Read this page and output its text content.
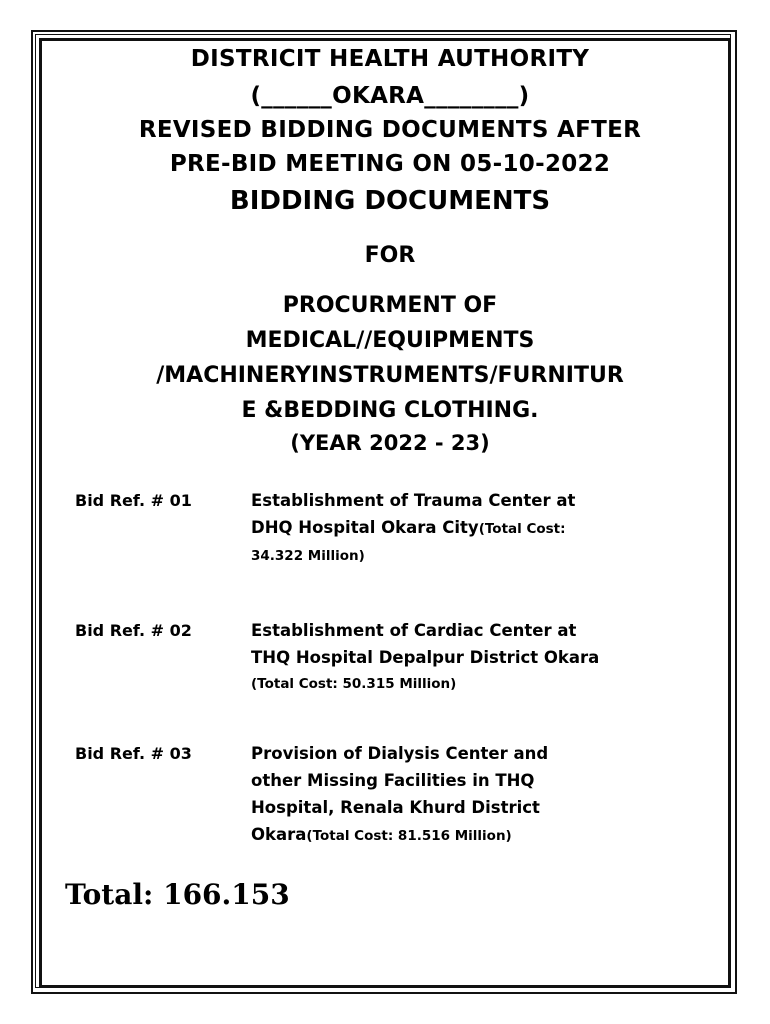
DISTRICIT HEALTH AUTHORITY
(______OKARA________)
REVISED BIDDING DOCUMENTS AFTER
PRE-BID MEETING ON 05-10-2022
BIDDING DOCUMENTS
FOR
PROCURMENT OF
MEDICAL//EQUIPMENTS
/MACHINERYINSTRUMENTS/FURNITUR
E &BEDDING CLOTHING.
(YEAR 2022 - 23)
Bid Ref. # 01	Establishment of Trauma Center at
DHQ Hospital Okara City(Total Cost:
34.322 Million)
Bid Ref. # 02	Establishment of Cardiac Center at
THQ Hospital Depalpur District Okara
(Total Cost: 50.315 Million)
Bid Ref. # 03	Provision of Dialysis Center and
other Missing Facilities in THQ
Hospital, Renala Khurd District
Okara(Total Cost: 81.516 Million)
Total: 166.153
